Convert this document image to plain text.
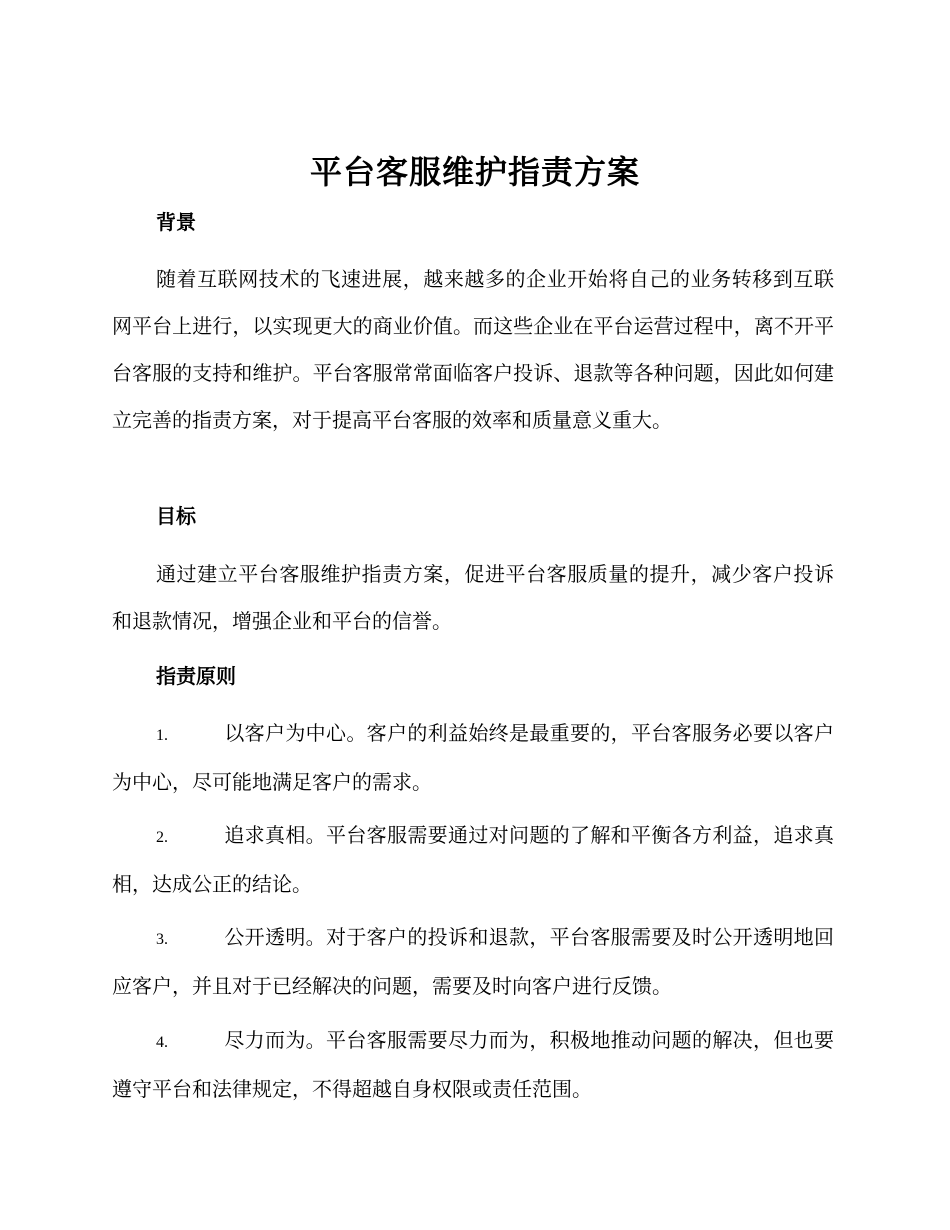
平台客服维护指责方案
背景
随着互联网技术的飞速进展，越来越多的企业开始将自己的业务转移到互联网平台上进行，以实现更大的商业价值。而这些企业在平台运营过程中，离不开平台客服的支持和维护。平台客服常常面临客户投诉、退款等各种问题，因此如何建立完善的指责方案，对于提高平台客服的效率和质量意义重大。
目标
通过建立平台客服维护指责方案，促进平台客服质量的提升，减少客户投诉和退款情况，增强企业和平台的信誉。
指责原则
1.	以客户为中心。客户的利益始终是最重要的，平台客服务必要以客户为中心，尽可能地满足客户的需求。
2.	追求真相。平台客服需要通过对问题的了解和平衡各方利益，追求真相，达成公正的结论。
3.	公开透明。对于客户的投诉和退款，平台客服需要及时公开透明地回应客户，并且对于已经解决的问题，需要及时向客户进行反馈。
4.	尽力而为。平台客服需要尽力而为，积极地推动问题的解决，但也要遵守平台和法律规定，不得超越自身权限或责任范围。
